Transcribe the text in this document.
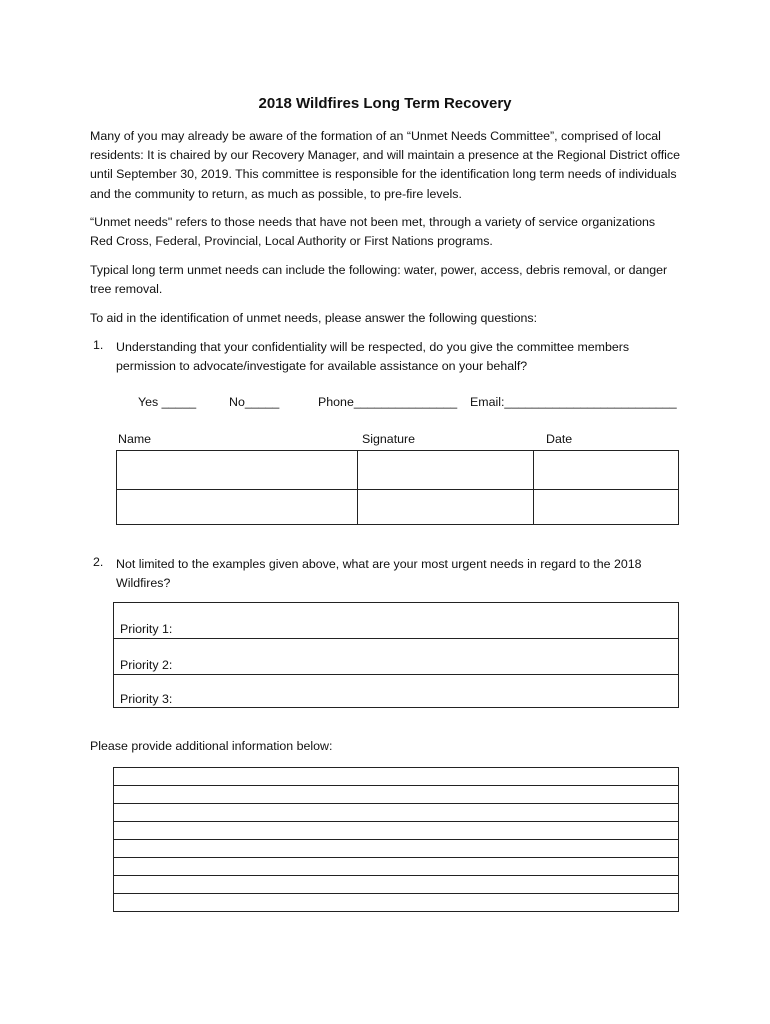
2018 Wildfires Long Term Recovery
Many of you may already be aware of the formation of an “Unmet Needs Committee”, comprised of local residents: It is chaired by our Recovery Manager, and will maintain a presence at the Regional District office until September 30, 2019. This committee is responsible for the identification long term needs of individuals and the community to return, as much as possible, to pre-fire levels.
“Unmet needs" refers to those needs that have not been met, through a variety of service organizations Red Cross, Federal, Provincial, Local Authority or First Nations programs.
Typical long term unmet needs can include the following: water, power, access, debris removal, or danger tree removal.
To aid in the identification of unmet needs, please answer the following questions:
1. Understanding that your confidentiality will be respected, do you give the committee members permission to advocate/investigate for available assistance on your behalf?
Yes _____	No_____	Phone_______________ Email:_________________________
Name	Signature	Date

2. Not limited to the examples given above, what are your most urgent needs in regard to the 2018 Wildfires?
Priority 1:
Priority 2:
Priority 3:
Please provide additional information below:
